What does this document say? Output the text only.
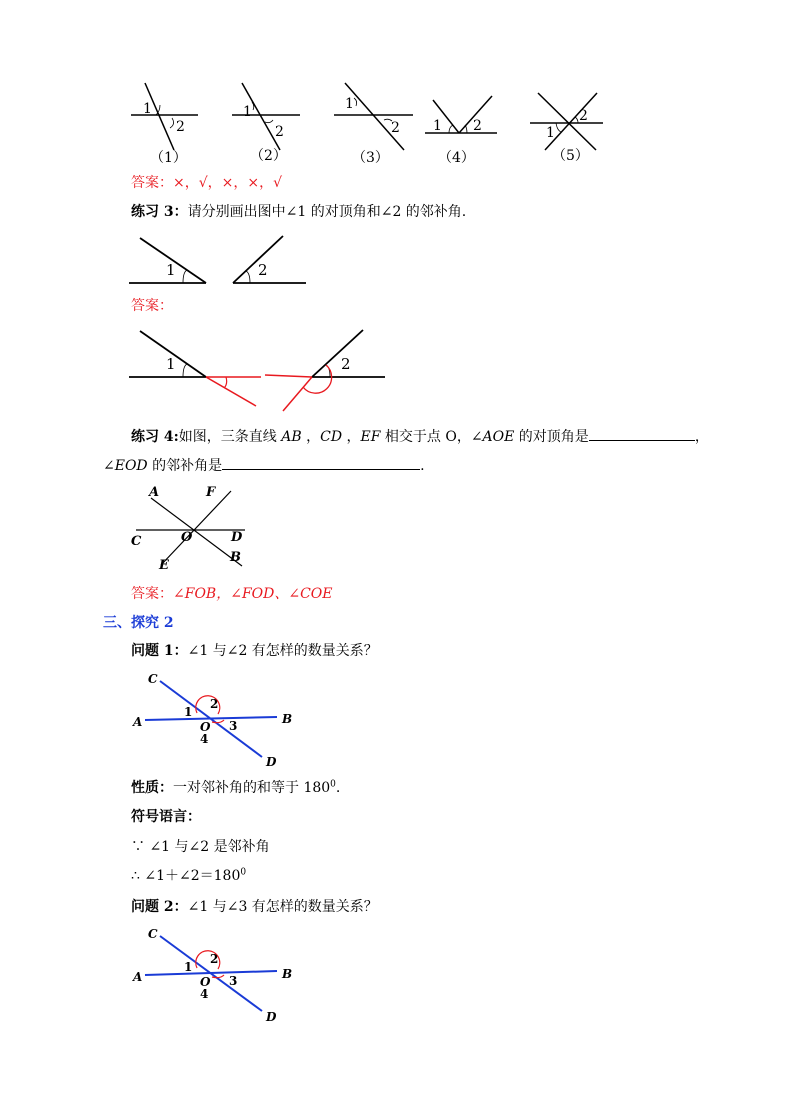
1
2
（1）
1
2
（2）
1
2
（3）
1 2
（4）
1
2
（5）
答案：×，√，×，×，√
练习 3：请分别画出图中∠1 的对顶角和∠2 的邻补角.
1	2
答案：
1	2
练习 4:如图，三条直线 AB ，CD ，EF 相交于点 O，∠AOE 的对顶角是	，
∠EOD 的邻补角是	.
A	F
C	O	D
E
B
答案：∠FOB，∠FOD、∠COE
三、探究 2
问题 1：∠1 与∠2 有怎样的数量关系？
C
A	B
D
O
1
2
3
4
性质：一对邻补角的和等于 $180^0$.
符号语言：
∵ ∠1 与∠2 是邻补角
∴ $\angle 1+\angle 2=180^0$
问题 2：∠1 与∠3 有怎样的数量关系？
C
A	B
D
O
1
2
3
4
